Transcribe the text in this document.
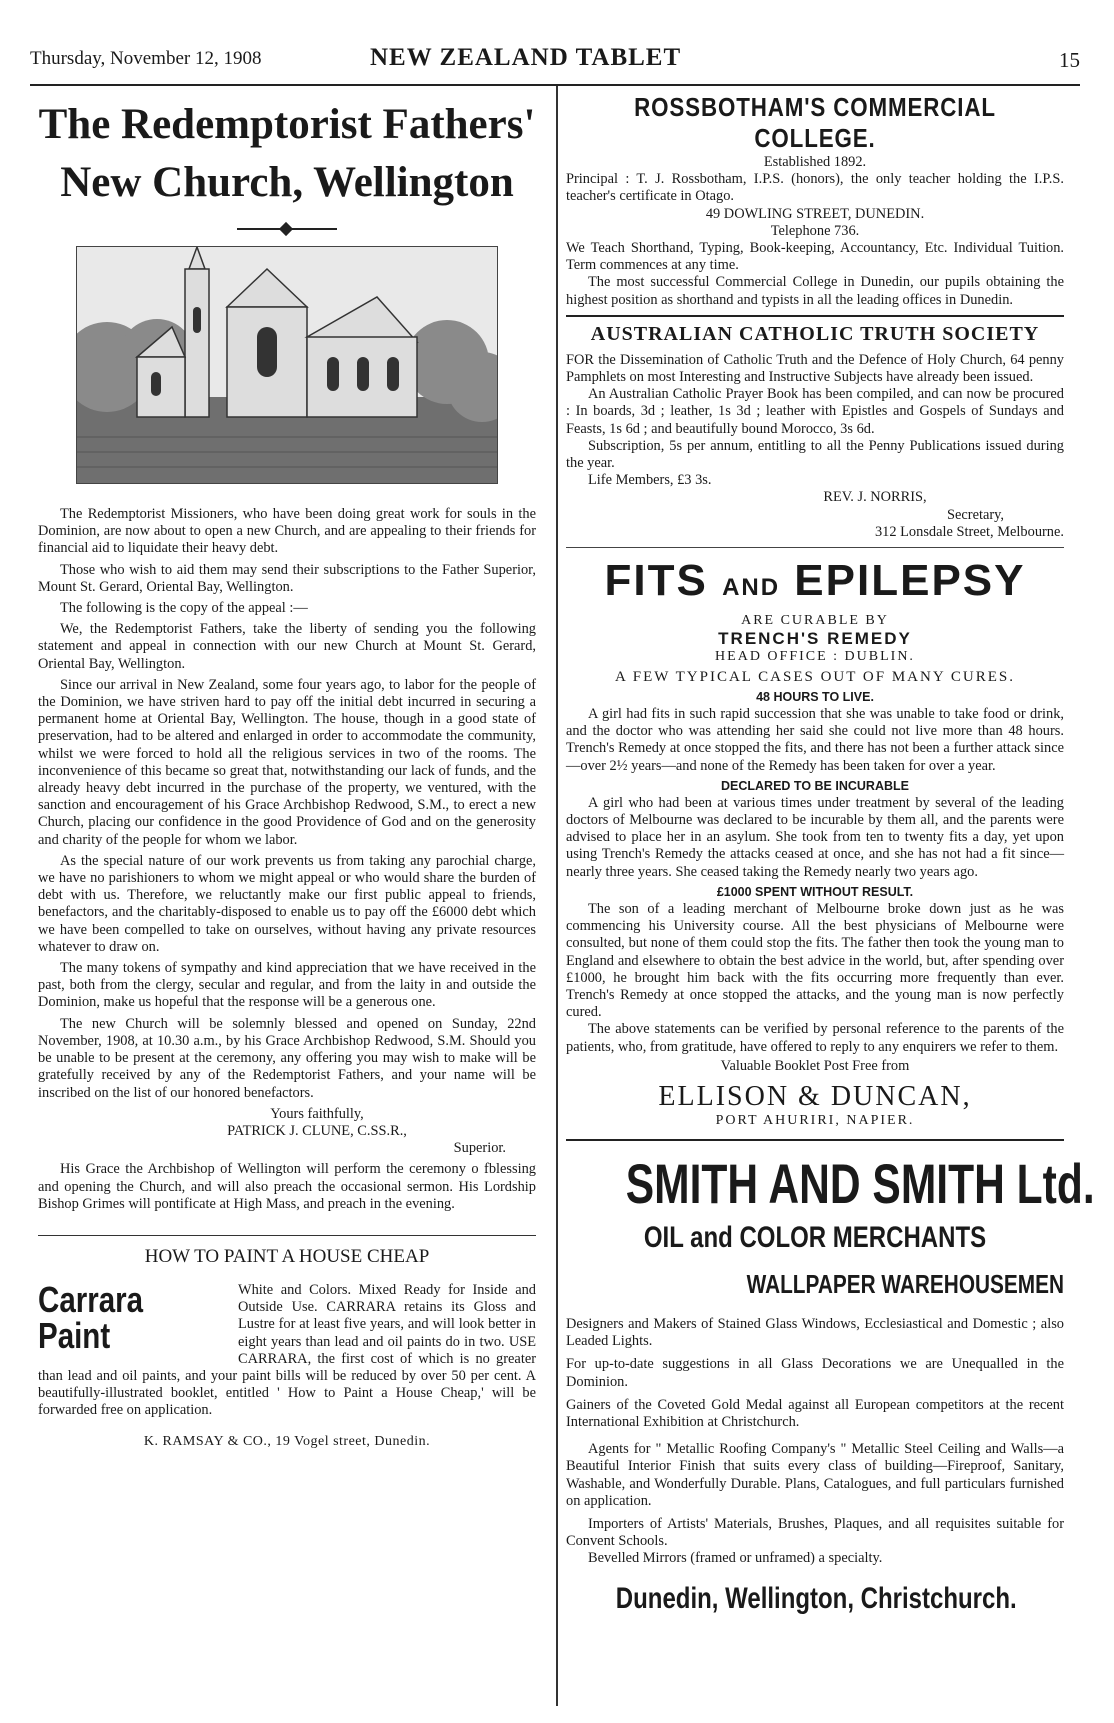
Thursday, November 12, 1908	NEW ZEALAND TABLET	15
The Redemptorist Fathers'
New Church, Wellington

The Redemptorist Missioners, who have been doing great work for souls in the Dominion, are now about to open a new Church, and are appealing to their friends for financial aid to liquidate their heavy debt.

Those who wish to aid them may send their subscriptions to the Father Superior, Mount St. Gerard, Oriental Bay, Wellington.

The following is the copy of the appeal :—

We, the Redemptorist Fathers, take the liberty of sending you the following statement and appeal in connection with our new Church at Mount St. Gerard, Oriental Bay, Wellington.

Since our arrival in New Zealand, some four years ago, to labor for the people of the Dominion, we have striven hard to pay off the initial debt incurred in securing a permanent home at Oriental Bay, Wellington. The house, though in a good state of preservation, had to be altered and enlarged in order to accommodate the community, whilst we were forced to hold all the religious services in two of the rooms. The inconvenience of this became so great that, notwithstanding our lack of funds, and the already heavy debt incurred in the purchase of the property, we ventured, with the sanction and encouragement of his Grace Archbishop Redwood, S.M., to erect a new Church, placing our confidence in the good Providence of God and on the generosity and charity of the people for whom we labor.

As the special nature of our work prevents us from taking any parochial charge, we have no parishioners to whom we might appeal or who would share the burden of debt with us. Therefore, we reluctantly make our first public appeal to friends, benefactors, and the charitably-disposed to enable us to pay off the £6000 debt which we have been compelled to take on ourselves, without having any private resources whatever to draw on.

The many tokens of sympathy and kind appreciation that we have received in the past, both from the clergy, secular and regular, and from the laity in and outside the Dominion, make us hopeful that the response will be a generous one.

The new Church will be solemnly blessed and opened on Sunday, 22nd November, 1908, at 10.30 a.m., by his Grace Archbishop Redwood, S.M. Should you be unable to be present at the ceremony, any offering you may wish to make will be gratefully received by any of the Redemptorist Fathers, and your name will be inscribed on the list of our honored benefactors.

Yours faithfully,

PATRICK J. CLUNE, C.SS.R.,

Superior.

His Grace the Archbishop of Wellington will perform the ceremony o fblessing and opening the Church, and will also preach the occasional sermon. His Lordship Bishop Grimes will pontificate at High Mass, and preach in the evening.

HOW TO PAINT A HOUSE CHEAP
Carrara Paint

White and Colors. Mixed Ready for Inside and Outside Use. CARRARA retains its Gloss and Lustre for at least five years, and will look better in eight years than lead and oil paints do in two. USE CARRARA, the first cost of which is no greater than lead and oil paints, and your paint bills will be reduced by over 50 per cent. A beautifully-illustrated booklet, entitled ' How to Paint a House Cheap,' will be forwarded free on application.

K. RAMSAY & CO., 19 Vogel street, Dunedin.
ROSSBOTHAM'S COMMERCIAL COLLEGE.

Established 1892.

Principal : T. J. Rossbotham, I.P.S. (honors), the only teacher holding the I.P.S. teacher's certificate in Otago.

49 DOWLING STREET, DUNEDIN.

Telephone 736.

We Teach Shorthand, Typing, Book-keeping, Accountancy, Etc. Individual Tuition. Term commences at any time.

The most successful Commercial College in Dunedin, our pupils obtaining the highest position as shorthand and typists in all the leading offices in Dunedin.

AUSTRALIAN CATHOLIC TRUTH SOCIETY

FOR the Dissemination of Catholic Truth and the Defence of Holy Church, 64 penny Pamphlets on most Interesting and Instructive Subjects have already been issued.

An Australian Catholic Prayer Book has been compiled, and can now be procured : In boards, 3d ; leather, 1s 3d ; leather with Epistles and Gospels of Sundays and Feasts, 1s 6d ; and beautifully bound Morocco, 3s 6d.

Subscription, 5s per annum, entitling to all the Penny Publications issued during the year.

Life Members, £3 3s.

REV. J. NORRIS,

Secretary,

312 Lonsdale Street, Melbourne.

FITS AND EPILEPSY
ARE CURABLE BY
TRENCH'S REMEDY
HEAD OFFICE : DUBLIN.
A FEW TYPICAL CASES OUT OF MANY CURES.
48 HOURS TO LIVE.

A girl had fits in such rapid succession that she was unable to take food or drink, and the doctor who was attending her said she could not live more than 48 hours. Trench's Remedy at once stopped the fits, and there has not been a further attack since—over 2½ years—and none of the Remedy has been taken for over a year.

DECLARED TO BE INCURABLE

A girl who had been at various times under treatment by several of the leading doctors of Melbourne was declared to be incurable by them all, and the parents were advised to place her in an asylum. She took from ten to twenty fits a day, yet upon using Trench's Remedy the attacks ceased at once, and she has not had a fit since—nearly three years. She ceased taking the Remedy nearly two years ago.

£1000 SPENT WITHOUT RESULT.

The son of a leading merchant of Melbourne broke down just as he was commencing his University course. All the best physicians of Melbourne were consulted, but none of them could stop the fits. The father then took the young man to England and elsewhere to obtain the best advice in the world, but, after spending over £1000, he brought him back with the fits occurring more frequently than ever. Trench's Remedy at once stopped the attacks, and the young man is now perfectly cured.

The above statements can be verified by personal reference to the parents of the patients, who, from gratitude, have offered to reply to any enquirers we refer to them.

Valuable Booklet Post Free from

ELLISON & DUNCAN,
PORT AHURIRI, NAPIER.
SMITH AND SMITH Ltd.
OIL and COLOR MERCHANTS
WALLPAPER WAREHOUSEMEN

Designers and Makers of Stained Glass Windows, Ecclesiastical and Domestic ; also Leaded Lights.

For up-to-date suggestions in all Glass Decorations we are Unequalled in the Dominion.

Gainers of the Coveted Gold Medal against all European competitors at the recent International Exhibition at Christchurch.

Agents for " Metallic Roofing Company's " Metallic Steel Ceiling and Walls—a Beautiful Interior Finish that suits every class of building—Fireproof, Sanitary, Washable, and Wonderfully Durable. Plans, Catalogues, and full particulars furnished on application.

Importers of Artists' Materials, Brushes, Plaques, and all requisites suitable for Convent Schools.

Bevelled Mirrors (framed or unframed) a specialty.

Dunedin, Wellington, Christchurch.
